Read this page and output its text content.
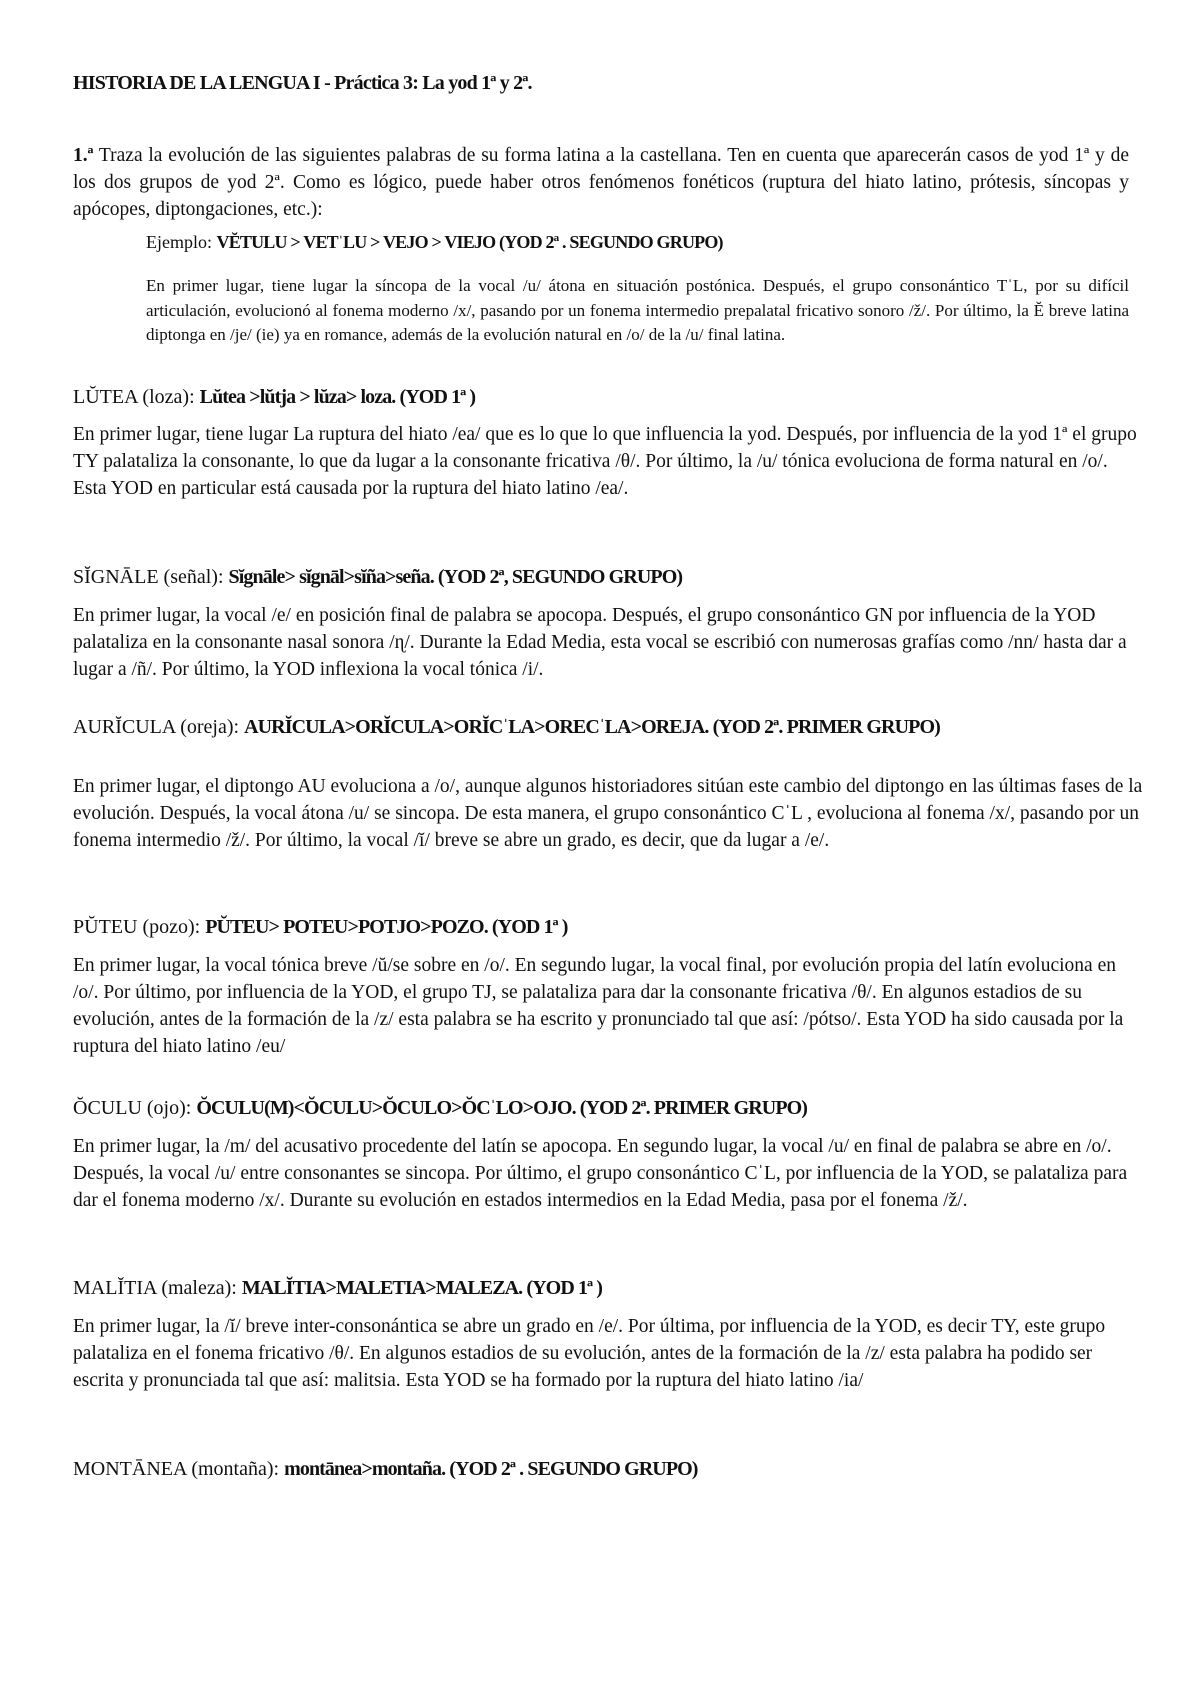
HISTORIA DE LA LENGUA I - Práctica 3: La yod 1ª y 2ª.
1.ª Traza la evolución de las siguientes palabras de su forma latina a la castellana. Ten en cuenta que aparecerán casos de yod 1ª y de los dos grupos de yod 2ª. Como es lógico, puede haber otros fenómenos fonéticos (ruptura del hiato latino, prótesis, síncopas y apócopes, diptongaciones, etc.):
Ejemplo: VĔTULU > VETˈLU > VEJO > VIEJO (YOD 2ª . SEGUNDO GRUPO)
En primer lugar, tiene lugar la síncopa de la vocal /u/ átona en situación postónica. Después, el grupo consonántico TˈL, por su difícil articulación, evolucionó al fonema moderno /x/, pasando por un fonema intermedio prepalatal fricativo sonoro /ž/. Por último, la Ĕ breve latina diptonga en /je/ (ie) ya en romance, además de la evolución natural en /o/ de la /u/ final latina.
LŬTEA (loza): Lŭtea >lŭtja > lŭza> loza. (YOD 1ª )
En primer lugar, tiene lugar La ruptura del hiato /ea/ que es lo que lo que influencia la yod. Después, por influencia de la yod 1ª el grupo TY palataliza la consonante, lo que da lugar a la consonante fricativa /θ/. Por último, la /u/ tónica evoluciona de forma natural en /o/. Esta YOD en particular está causada por la ruptura del hiato latino /ea/.
SĬGNĀLE (señal): Sĭgnāle> sĭgnāl>sĭña>seña. (YOD 2ª, SEGUNDO GRUPO)
En primer lugar, la vocal /e/ en posición final de palabra se apocopa. Después, el grupo consonántico GN por influencia de la YOD palataliza en la consonante nasal sonora /ɳ/. Durante la Edad Media, esta vocal se escribió con numerosas grafías como /nn/ hasta dar a lugar a /ñ/. Por último, la YOD inflexiona la vocal tónica /i/.
AURĬCULA (oreja): AURĬCULA>ORĬCULA>ORĬCˈLA>ORECˈLA>OREJA. (YOD 2ª. PRIMER GRUPO)
En primer lugar, el diptongo AU evoluciona a /o/, aunque algunos historiadores sitúan este cambio del diptongo en las últimas fases de la evolución. Después, la vocal átona /u/ se sincopa. De esta manera, el grupo consonántico CˈL , evoluciona al fonema /x/, pasando por un fonema intermedio /ž/. Por último, la vocal /ĭ/ breve se abre un grado, es decir, que da lugar a /e/.
PŬTEU (pozo): PŬTEU> POTEU>POTJO>POZO. (YOD 1ª )
En primer lugar, la vocal tónica breve /ŭ/se sobre en /o/. En segundo lugar, la vocal final, por evolución propia del latín evoluciona en /o/. Por último, por influencia de la YOD, el grupo TJ, se palataliza para dar la consonante fricativa /θ/. En algunos estadios de su evolución, antes de la formación de la /z/ esta palabra se ha escrito y pronunciado tal que así: /pótso/. Esta YOD ha sido causada por la ruptura del hiato latino /eu/
ŎCULU (ojo): ŎCULU(M)<ŎCULU>ŎCULO>ŎCˈLO>OJO. (YOD 2ª. PRIMER GRUPO)
En primer lugar, la /m/ del acusativo procedente del latín se apocopa. En segundo lugar, la vocal /u/ en final de palabra se abre en /o/. Después, la vocal /u/ entre consonantes se sincopa. Por último, el grupo consonántico CˈL, por influencia de la YOD, se palataliza para dar el fonema moderno /x/. Durante su evolución en estados intermedios en la Edad Media, pasa por el fonema /ž/.
MALĬTIA (maleza): MALĬTIA>MALETIA>MALEZA. (YOD 1ª )
En primer lugar, la /ĭ/ breve inter-consonántica se abre un grado en /e/. Por última, por influencia de la YOD, es decir TY, este grupo palataliza en el fonema fricativo /θ/. En algunos estadios de su evolución, antes de la formación de la /z/ esta palabra ha podido ser escrita y pronunciada tal que así: malitsia. Esta YOD se ha formado por la ruptura del hiato latino /ia/
MONTĀNEA (montaña): montānea>montaña. (YOD 2ª . SEGUNDO GRUPO)
